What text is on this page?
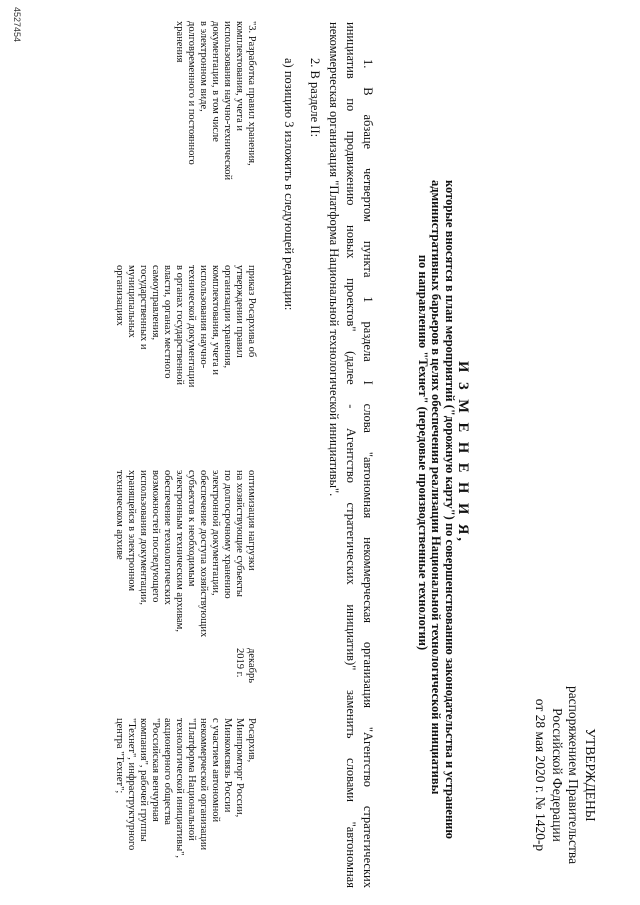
УТВЕРЖДЕНЫ
распоряжением Правительства
Российской Федерации
от 28 мая 2020 г. № 1420-р
И З М Е Н Е Н И Я,
которые вносятся в план мероприятий ("дорожную карту") по совершенствованию законодательства и устранению
административных барьеров в целях обеспечения реализации Национальной технологической инициативы
по направлению "Технет" (передовые производственные технологии)
1. В абзаце четвертом пункта 1 раздела I слова "автономная некоммерческая организация "Агентство стратегических
инициатив по продвижению новых проектов" (далее - Агентство стратегических инициатив)" заменить словами "автономная
некоммерческая организация "Платформа Национальной технологической инициативы".
2. В разделе II:
а) позицию 3 изложить в следующей редакции:
"3. Разработка правил хранения,
комплектования, учета и
использования научно-технической
документации, в том числе
в электронном виде,
долговременного и постоянного
хранения
приказ Росархива об
утверждении правил
организации хранения,
комплектования, учета и
использования научно-
технической документации
в органах государственной
власти, органах местного
самоуправления,
государственных и
муниципальных
организациях
оптимизация нагрузки
на хозяйствующие субъекты
по долгосрочному хранению
электронной документации,
обеспечение доступа хозяйствующих
субъектов к необходимым
электронным техническим архивам,
обеспечение технологических
возможностей последующего
использования документации,
хранящейся в электронном
техническом архиве
декабрь
2019 г.
Росархив,
Минпромторг России,
Минкомсвязь России
с участием автономной
некоммерческой организации
"Платформа Национальной
технологической инициативы",
акционерного общества
"Российская венчурная
компания", рабочей группы
"Технет", инфраструктурного
центра "Технет";
4527454
